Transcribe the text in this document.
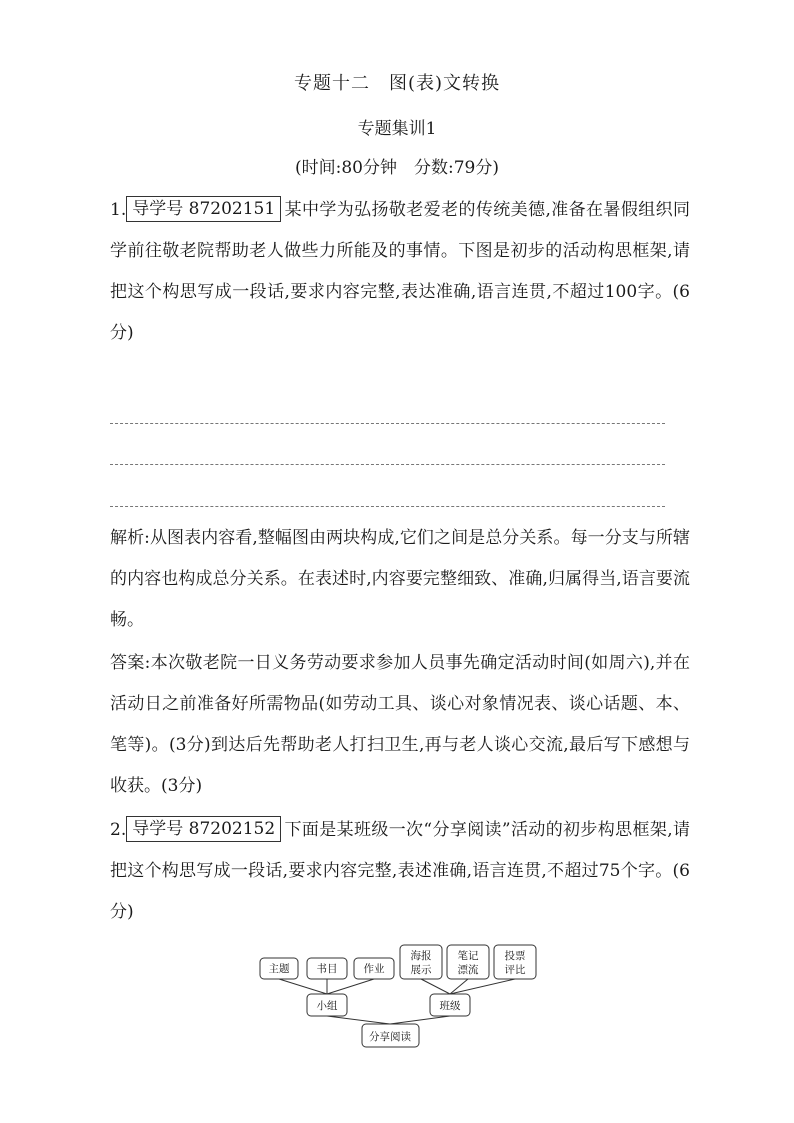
专题十二　图(表)文转换
专题集训1
(时间:80分钟　分数:79分)
1. 导学号 87202151 某中学为弘扬敬老爱老的传统美德,准备在暑假组织同学前往敬老院帮助老人做些力所能及的事情。下图是初步的活动构思框架,请把这个构思写成一段话,要求内容完整,表达准确,语言连贯,不超过100字。(6分)
解析:从图表内容看,整幅图由两块构成,它们之间是总分关系。每一分支与所辖的内容也构成总分关系。在表述时,内容要完整细致、准确,归属得当,语言要流畅。
答案:本次敬老院一日义务劳动要求参加人员事先确定活动时间(如周六),并在活动日之前准备好所需物品(如劳动工具、谈心对象情况表、谈心话题、本、笔等)。(3分)到达后先帮助老人打扫卫生,再与老人谈心交流,最后写下感想与收获。(3分)
2. 导学号 87202152 下面是某班级一次“分享阅读”活动的初步构思框架,请把这个构思写成一段话,要求内容完整,表述准确,语言连贯,不超过75个字。(6分)
主题	书目 作业
海报
展示
笔记
漂流
投票
评比
小组	班级
分享阅读
